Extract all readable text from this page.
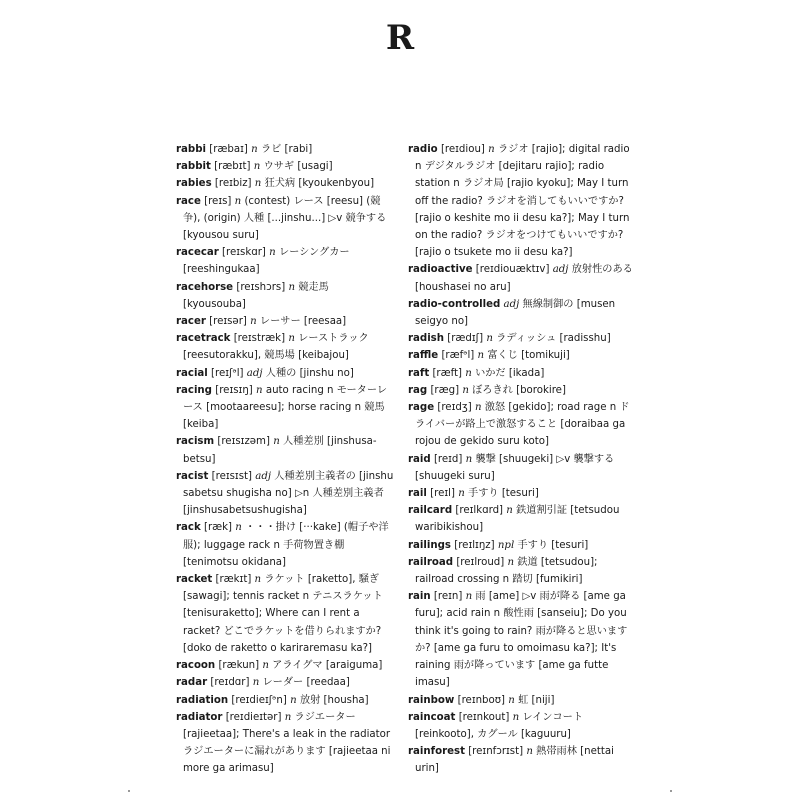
R
rabbi [ræbaɪ] n ラビ [rabi]
rabbit [ræbɪt] n ウサギ [usagi]
rabies [reɪbiz] n 狂犬病 [kyoukenbyou]
race [reɪs] n (contest) レース [reesu] (競争), (origin) 人種 [...jinshu...] ▷v 競争する [kyousou suru]
racecar [reɪskɑr] n レーシングカー [reeshingukaa]
racehorse [reɪshɔrs] n 競走馬 [kyousouba]
racer [reɪsər] n レーサー [reesaa]
racetrack [reɪstræk] n レーストラック [reesutorakku], 競馬場 [keibajou]
racial [reɪʃᵊl] adj 人種の [jinshu no]
racing [reɪsɪŋ] n auto racing n モーターレース [mootaareesu]; horse racing n 競馬 [keiba]
racism [reɪsɪzəm] n 人種差別 [jinshusa-betsu]
racist [reɪsɪst] adj 人種差別主義者の [jinshu sabetsu shugisha no] ▷n 人種差別主義者 [jinshusabetsushugisha]
rack [ræk] n ・・・掛け [···kake] (帽子や洋服); luggage rack n 手荷物置き棚 [tenimotsu okidana]
racket [rækɪt] n ラケット [raketto], 騒ぎ [sawagi]; tennis racket n テニスラケット [tenisuraketto]; Where can I rent a racket? どこでラケットを借りられますか? [doko de raketto o kariraremasu ka?]
racoon [rækun] n アライグマ [araiguma]
radar [reɪdɑr] n レーダー [reedaa]
radiation [reɪdieɪʃᵊn] n 放射 [housha]
radiator [reɪdieɪtər] n ラジエーター [rajieetaa]; There's a leak in the radiator ラジエーターに漏れがあります [rajieetaa ni more ga arimasu]
radio [reɪdiou] n ラジオ [rajio]; digital radio n デジタルラジオ [dejitaru rajio]; radio station n ラジオ局 [rajio kyoku]; May I turn off the radio? ラジオを消してもいいですか? [rajio o keshite mo ii desu ka?]; May I turn on the radio? ラジオをつけてもいいですか? [rajio o tsukete mo ii desu ka?]
radioactive [reɪdiouæktɪv] adj 放射性のある [houshasei no aru]
radio-controlled adj 無線制御の [musen seigyo no]
radish [rædɪʃ] n ラディッシュ [radisshu]
raffle [ræfᵊl] n 富くじ [tomikuji]
raft [ræft] n いかだ [ikada]
rag [ræg] n ぼろきれ [borokire]
rage [reɪdʒ] n 激怒 [gekido]; road rage n ドライバーが路上で激怒すること [doraibaa ga rojou de gekido suru koto]
raid [reɪd] n 襲撃 [shuugeki] ▷v 襲撃する [shuugeki suru]
rail [reɪl] n 手すり [tesuri]
railcard [reɪlkɑrd] n 鉄道割引証 [tetsudou waribikishou]
railings [reɪlɪŋz] npl 手すり [tesuri]
railroad [reɪlroud] n 鉄道 [tetsudou]; railroad crossing n 踏切 [fumikiri]
rain [reɪn] n 雨 [ame] ▷v 雨が降る [ame ga furu]; acid rain n 酸性雨 [sanseiu]; Do you think it's going to rain? 雨が降ると思いますか? [ame ga furu to omoimasu ka?]; It's raining 雨が降っています [ame ga futte imasu]
rainbow [reɪnboʊ] n 虹 [niji]
raincoat [reɪnkout] n レインコート [reinkooto], カグール [kaguuru]
rainforest [reɪnfɔrɪst] n 熱帯雨林 [nettai urin]
